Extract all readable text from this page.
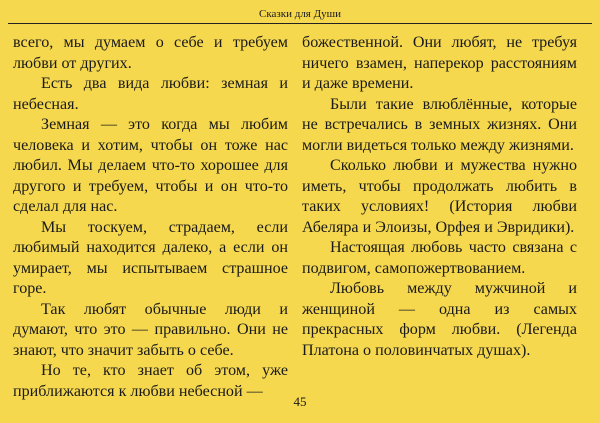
Сказки для Души

всего, мы думаем о себе и требуем любви от других.

Есть два вида любви: земная и небесная.

Земная — это когда мы любим человека и хотим, чтобы он тоже нас любил. Мы делаем что-то хорошее для другого и требуем, чтобы и он что-то сделал для нас.

Мы тоскуем, страдаем, если любимый находится далеко, а если он умирает, мы испытываем страшное горе.

Так любят обычные люди и думают, что это — правильно. Они не знают, что значит забыть о себе.

Но те, кто знает об этом, уже приближаются к любви небесной —

божественной. Они любят, не требуя ничего взамен, наперекор расстояниям и даже времени.

Были такие влюблённые, которые не встречались в земных жизнях. Они могли видеться только между жизнями.

Сколько любви и мужества нужно иметь, чтобы продолжать любить в таких условиях! (История любви Абеляра и Элоизы, Орфея и Эвридики).

Настоящая любовь часто связана с подвигом, самопожертвованием.

Любовь между мужчиной и женщиной — одна из самых прекрасных форм любви. (Легенда Платона о половинчатых душах).

45
